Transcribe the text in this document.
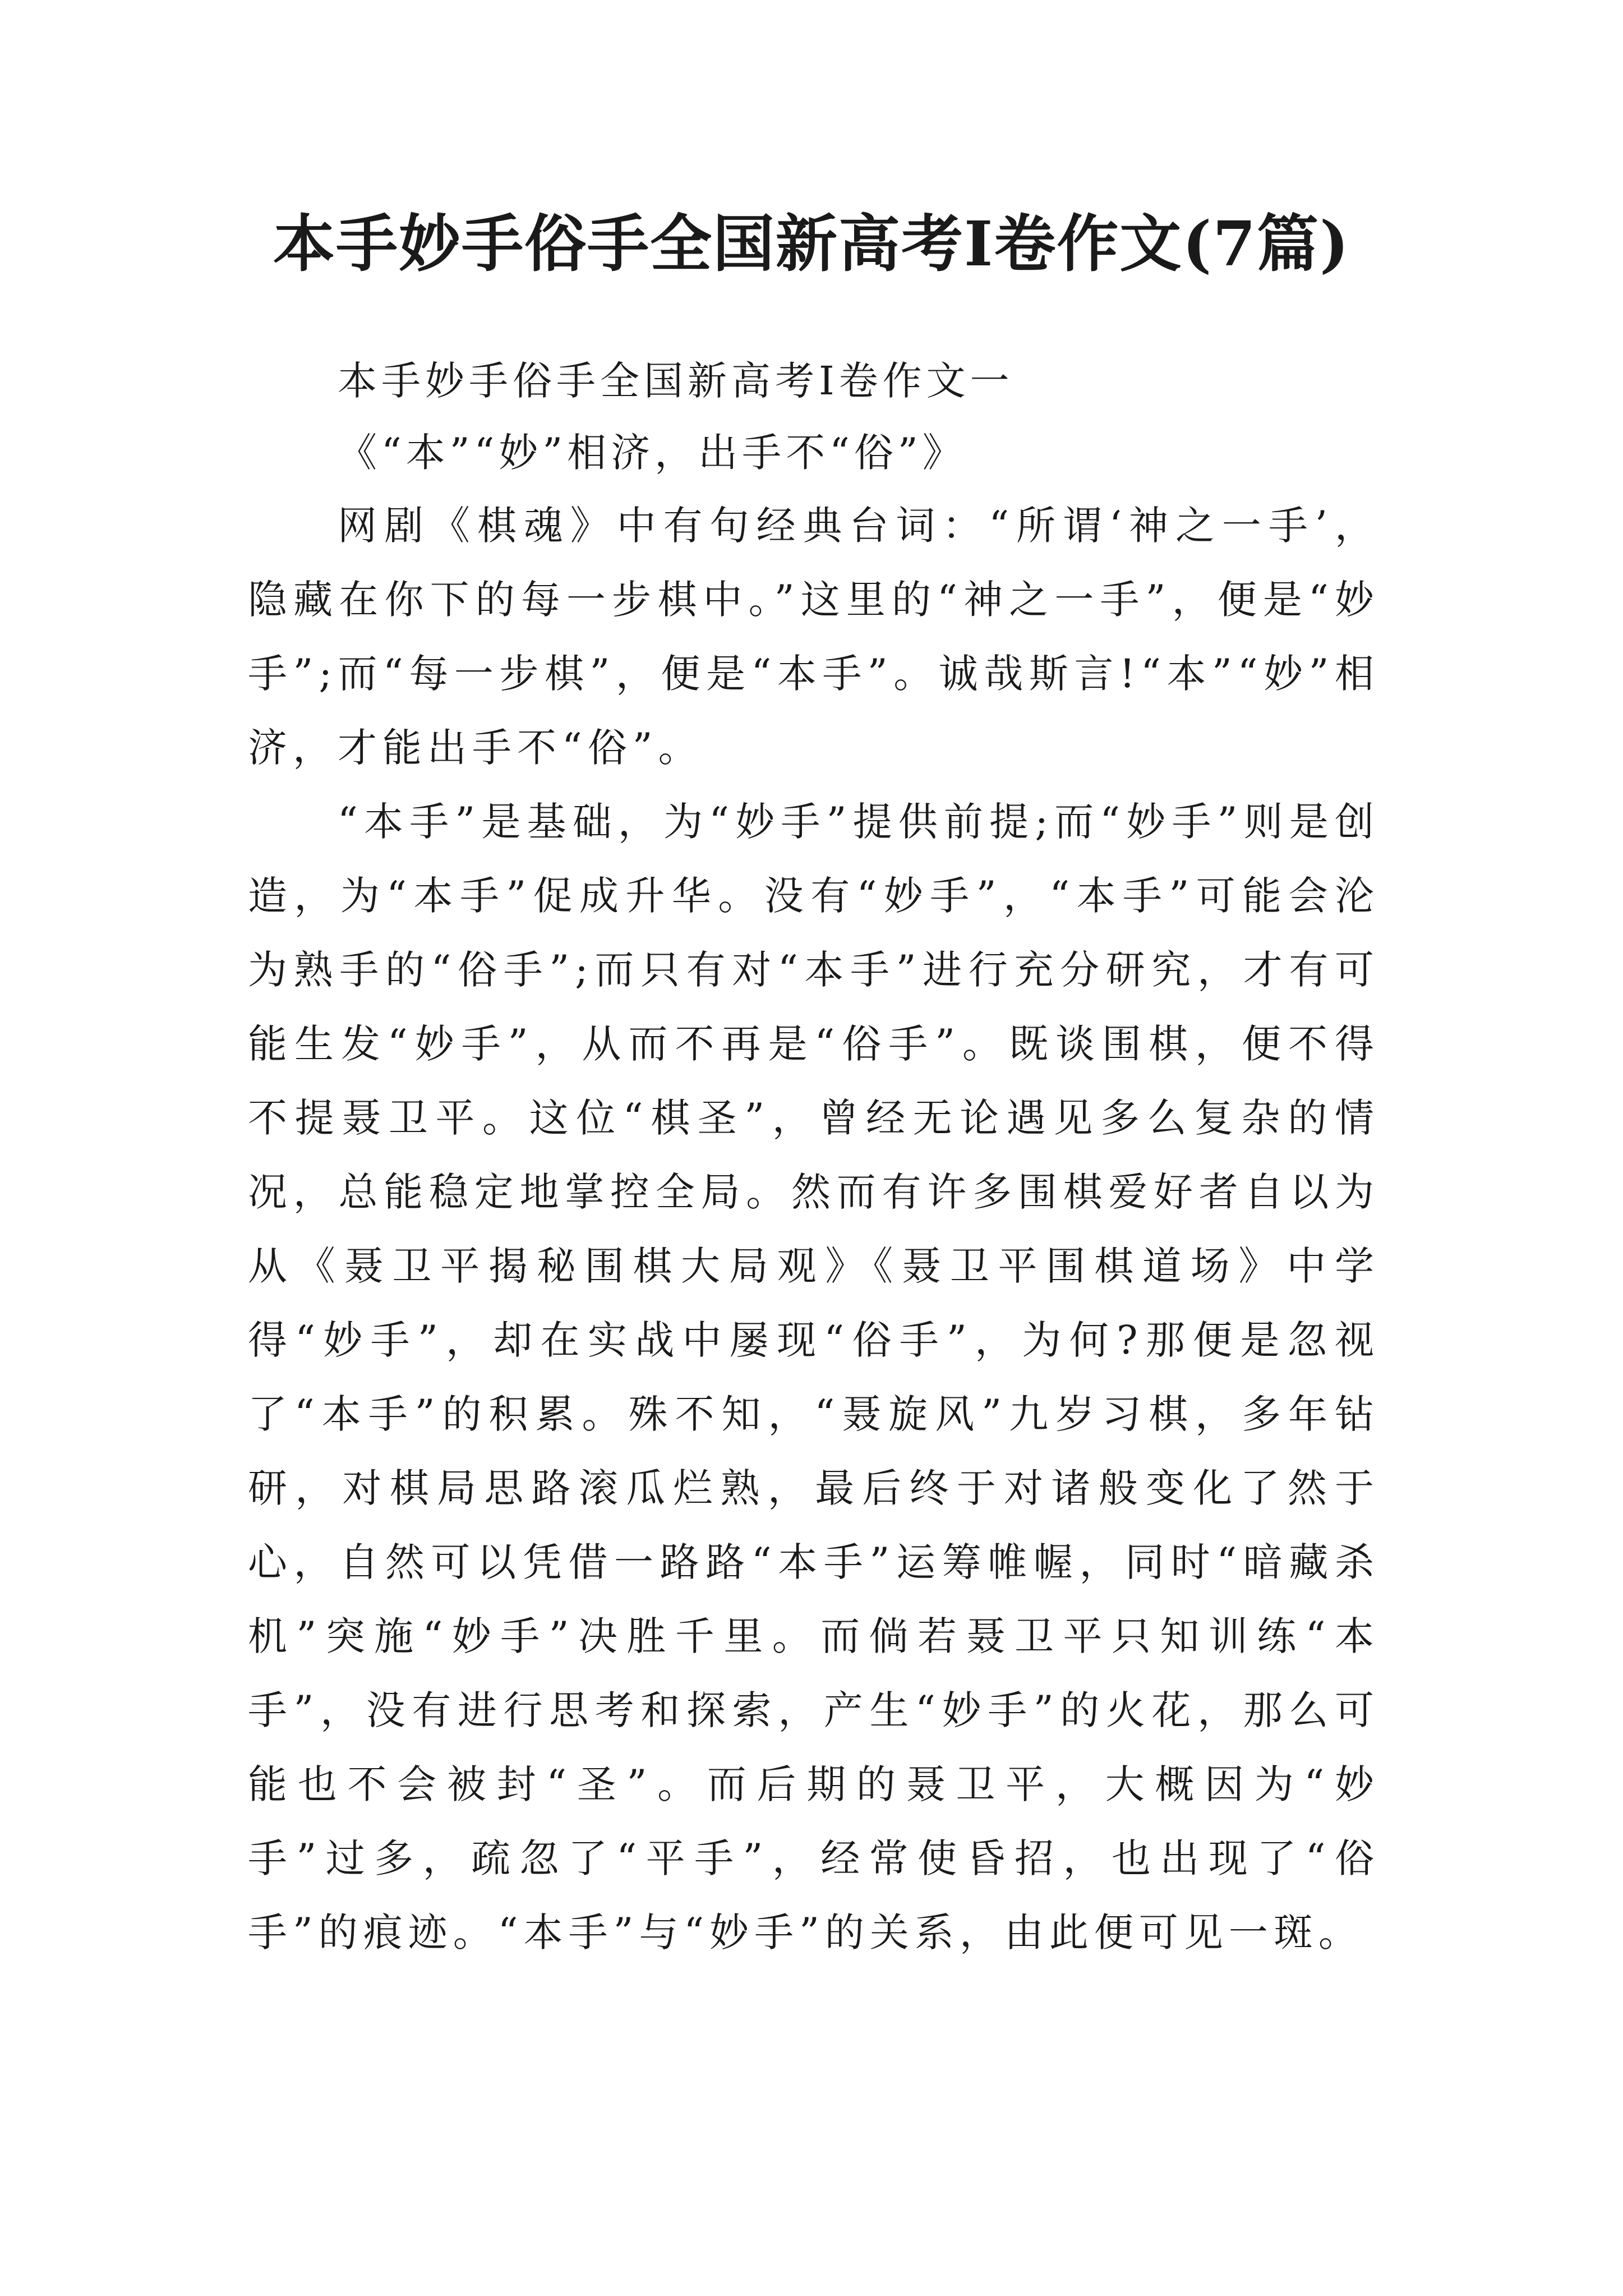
本手妙手俗手全国新高考Ⅰ卷作文(7篇)

本手妙手俗手全国新高考Ⅰ卷作文一

《“本”“妙”相济，出手不“俗”》

网剧《棋魂》中有句经典台词：“所谓‘神之一手’，隐藏在你下的每一步棋中。”这里的“神之一手”，便是“妙手”;而“每一步棋”，便是“本手”。诚哉斯言!“本”“妙”相济，才能出手不“俗”。

“本手”是基础，为“妙手”提供前提;而“妙手”则是创造，为“本手”促成升华。没有“妙手”，“本手”可能会沦为熟手的“俗手”;而只有对“本手”进行充分研究，才有可能生发“妙手”，从而不再是“俗手”。既谈围棋，便不得不提聂卫平。这位“棋圣”，曾经无论遇见多么复杂的情况，总能稳定地掌控全局。然而有许多围棋爱好者自以为从《聂卫平揭秘围棋大局观》《聂卫平围棋道场》中学得“妙手”，却在实战中屡现“俗手”，为何?那便是忽视了“本手”的积累。殊不知，“聂旋风”九岁习棋，多年钻研，对棋局思路滚瓜烂熟，最后终于对诸般变化了然于心，自然可以凭借一路路“本手”运筹帷幄，同时“暗藏杀机”突施“妙手”决胜千里。而倘若聂卫平只知训练“本手”，没有进行思考和探索，产生“妙手”的火花，那么可能也不会被封“圣”。而后期的聂卫平，大概因为“妙手”过多，疏忽了“平手”，经常使昏招，也出现了“俗手”的痕迹。“本手”与“妙手”的关系，由此便可见一斑。
